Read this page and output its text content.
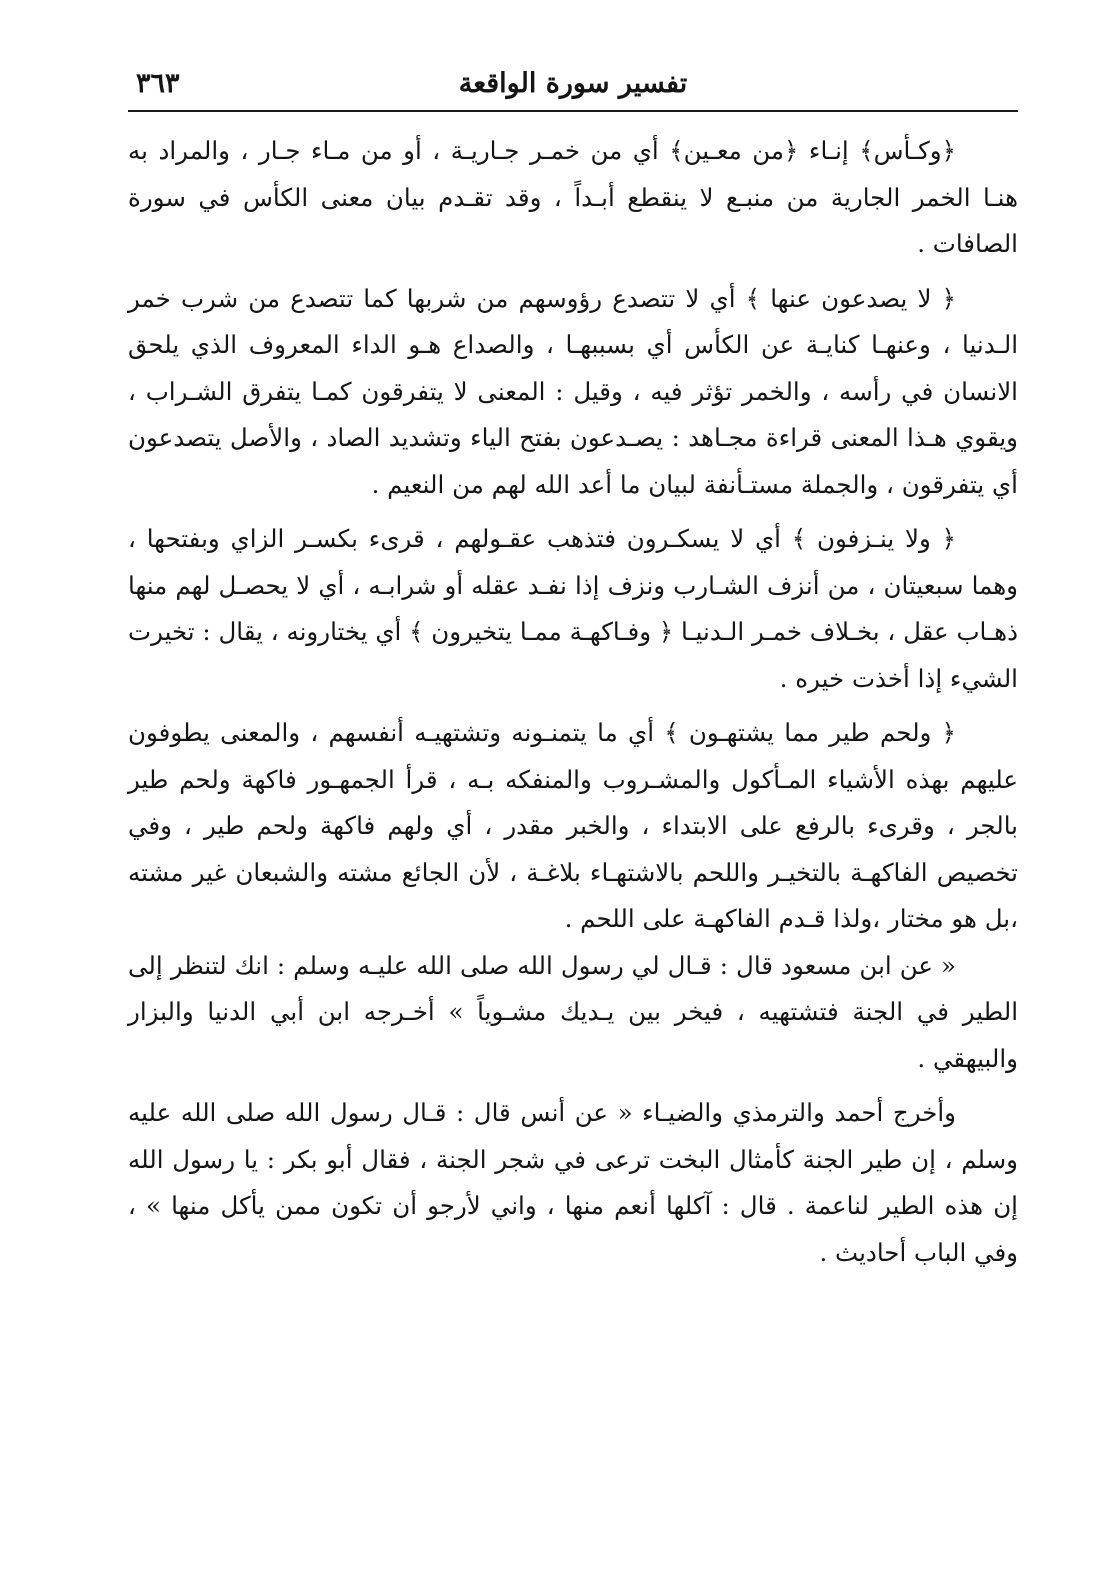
تفسير سورة الواقعة
٣٦٣

﴿وكـأس﴾ إنـاء ﴿من معـين﴾ أي من خمـر جـاريـة ، أو من مـاء جـار ، والمراد به هنـا الخمر الجارية من منبـع لا ينقطع أبـداً ، وقد تقـدم بيان معنى الكأس في سورة الصافات .

﴿ لا يصدعون عنها ﴾ أي لا تتصدع رؤوسهم من شربها كما تتصدع من شرب خمر الـدنيا ، وعنهـا كنايـة عن الكأس أي بسببهـا ، والصداع هـو الداء المعروف الذي يلحق الانسان في رأسه ، والخمر تؤثر فيه ، وقيل : المعنى لا يتفرقون كمـا يتفرق الشـراب ، ويقوي هـذا المعنى قراءة مجـاهد : يصـدعون بفتح الياء وتشديد الصاد ، والأصل يتصدعون أي يتفرقون ، والجملة مستـأنفة لبيان ما أعد الله لهم من النعيم .

﴿ ولا ينـزفون ﴾ أي لا يسكـرون فتذهب عقـولهم ، قرىء بكسـر الزاي وبفتحها ، وهما سبعيتان ، من أنزف الشـارب ونزف إذا نفـد عقله أو شرابـه ، أي لا يحصـل لهم منها ذهـاب عقل ، بخـلاف خمـر الـدنيـا ﴿ وفـاكهـة ممـا يتخيرون ﴾ أي يختارونه ، يقال : تخيرت الشيء إذا أخذت خيره .

﴿ ولحم طير مما يشتهـون ﴾ أي ما يتمنـونه وتشتهيـه أنفسهم ، والمعنى يطوفون عليهم بهذه الأشياء المـأكول والمشـروب والمنفكه بـه ، قرأ الجمهـور فاكهة ولحم طير بالجر ، وقرىء بالرفع على الابتداء ، والخبر مقدر ، أي ولهم فاكهة ولحم طير ، وفي تخصيص الفاكهـة بالتخيـر واللحم بالاشتهـاء بلاغـة ، لأن الجائع مشته والشبعان غير مشته ،بل هو مختار ،ولذا قـدم الفاكهـة على اللحم .

« عن ابن مسعود قال : قـال لي رسول الله صلى الله عليـه وسلم : انك لتنظر إلى الطير في الجنة فتشتهيه ، فيخر بين يـديك مشـوياً » أخـرجه ابن أبي الدنيا والبزار والبيهقي .

وأخرج أحمد والترمذي والضيـاء « عن أنس قال : قـال رسول الله صلى الله عليه وسلم ، إن طير الجنة كأمثال البخت ترعى في شجر الجنة ، فقال أبو بكر : يا رسول الله إن هذه الطير لناعمة . قال : آكلها أنعم منها ، واني لأرجو أن تكون ممن يأكل منها » ، وفي الباب أحاديث .
